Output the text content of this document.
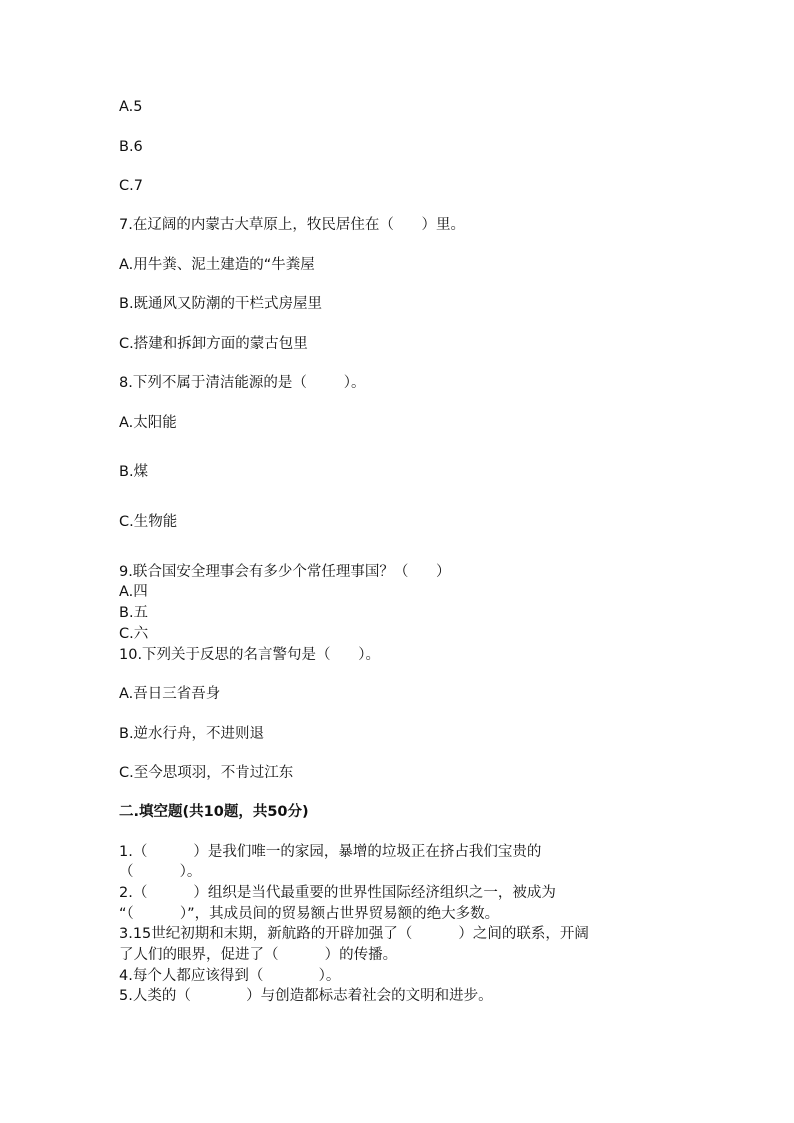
A.5
B.6
C.7
7.在辽阔的内蒙古大草原上，牧民居住在（      ）里。
A.用牛粪、泥土建造的“牛粪屋
B.既通风又防潮的干栏式房屋里
C.搭建和拆卸方面的蒙古包里
8.下列不属于清洁能源的是（        ）。
A.太阳能
B.煤
C.生物能
9.联合国安全理事会有多少个常任理事国？（      ）
A.四
B.五
C.六
10.下列关于反思的名言警句是（      ）。
A.吾日三省吾身
B.逆水行舟，不进则退
C.至今思项羽，不肯过江东
二.填空题(共10题，共50分)
1.（          ）是我们唯一的家园，暴增的垃圾正在挤占我们宝贵的
（          ）。
2.（          ）组织是当代最重要的世界性国际经济组织之一，被成为
“（          ）”，其成员间的贸易额占世界贸易额的绝大多数。
3.15世纪初期和末期，新航路的开辟加强了（          ）之间的联系，开阔
了人们的眼界，促进了（          ）的传播。
4.每个人都应该得到（            ）。
5.人类的（            ）与创造都标志着社会的文明和进步。
